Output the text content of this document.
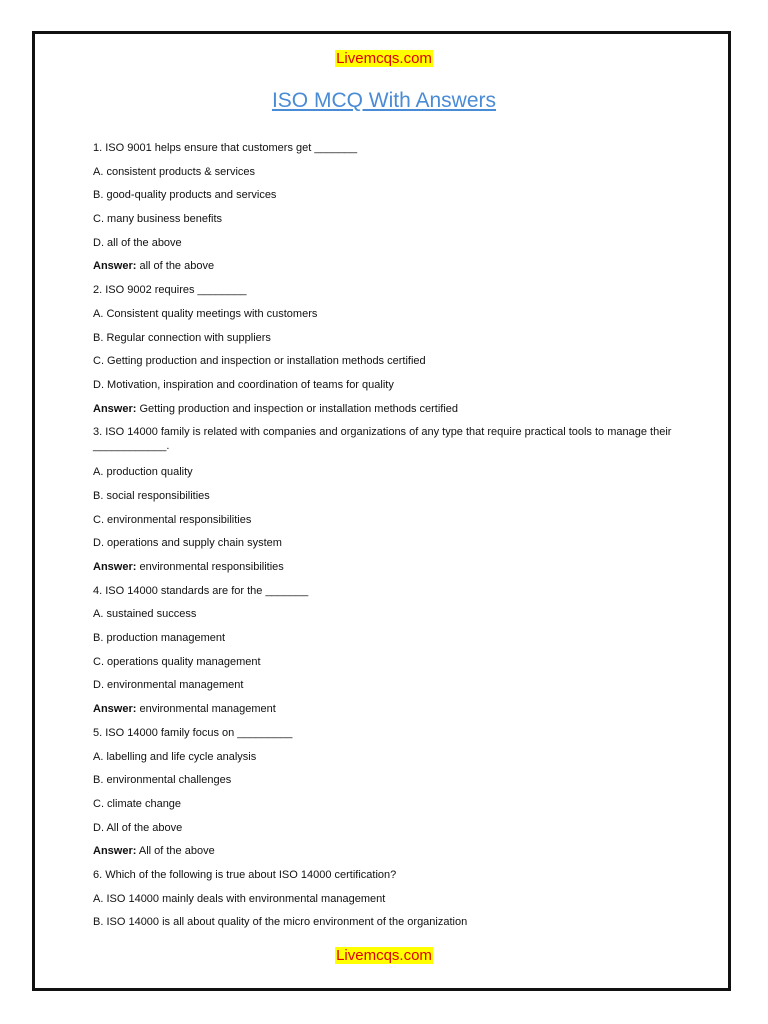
Livemcqs.com
ISO MCQ With Answers
1. ISO 9001 helps ensure that customers get _______
A. consistent products & services
B. good-quality products and services
C. many business benefits
D. all of the above
Answer: all of the above
2. ISO 9002 requires ________
A. Consistent quality meetings with customers
B. Regular connection with suppliers
C. Getting production and inspection or installation methods certified
D. Motivation, inspiration and coordination of teams for quality
Answer: Getting production and inspection or installation methods certified
3. ISO 14000 family is related with companies and organizations of any type that require practical tools to manage their ____________.
A. production quality
B. social responsibilities
C. environmental responsibilities
D. operations and supply chain system
Answer: environmental responsibilities
4. ISO 14000 standards are for the _______
A. sustained success
B. production management
C. operations quality management
D. environmental management
Answer: environmental management
5. ISO 14000 family focus on _________
A. labelling and life cycle analysis
B. environmental challenges
C. climate change
D. All of the above
Answer: All of the above
6. Which of the following is true about ISO 14000 certification?
A. ISO 14000 mainly deals with environmental management
B. ISO 14000 is all about quality of the micro environment of the organization
Livemcqs.com
